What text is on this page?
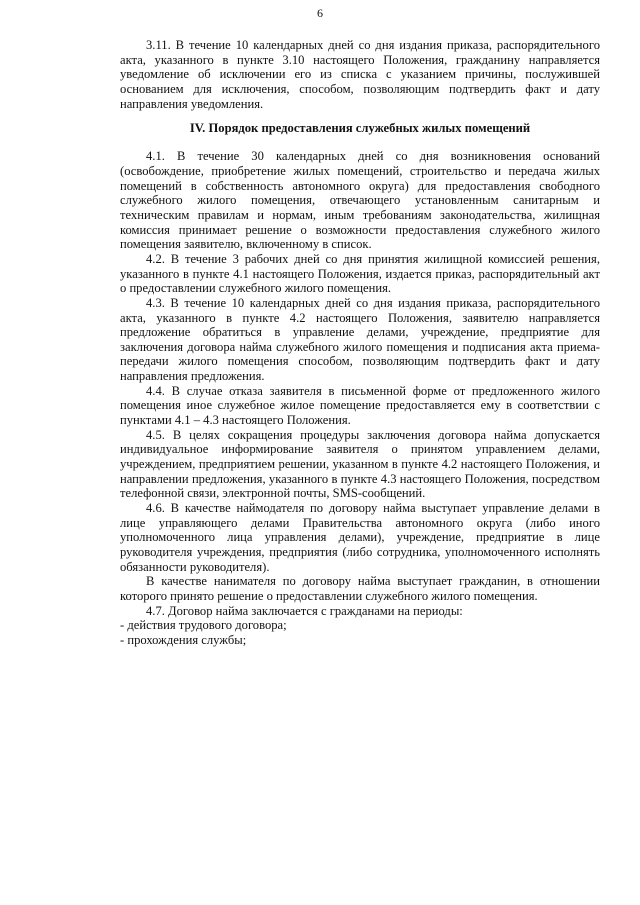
6

3.11. В течение 10 календарных дней со дня издания приказа, распорядительного акта, указанного в пункте 3.10 настоящего Положения, гражданину направляется уведомление об исключении его из списка с указанием причины, послужившей основанием для исключения, способом, позволяющим подтвердить факт и дату направления уведомления.

IV. Порядок предоставления служебных жилых помещений

4.1. В течение 30 календарных дней со дня возникновения оснований (освобождение, приобретение жилых помещений, строительство и передача жилых помещений в собственность автономного округа) для предоставления свободного служебного жилого помещения, отвечающего установленным санитарным и техническим правилам и нормам, иным требованиям законодательства, жилищная комиссия принимает решение о возможности предоставления служебного жилого помещения заявителю, включенному в список.

4.2. В течение 3 рабочих дней со дня принятия жилищной комиссией решения, указанного в пункте 4.1 настоящего Положения, издается приказ, распорядительный акт о предоставлении служебного жилого помещения.

4.3. В течение 10 календарных дней со дня издания приказа, распорядительного акта, указанного в пункте 4.2 настоящего Положения, заявителю направляется предложение обратиться в управление делами, учреждение, предприятие для заключения договора найма служебного жилого помещения и подписания акта приема-передачи жилого помещения способом, позволяющим подтвердить факт и дату направления предложения.

4.4. В случае отказа заявителя в письменной форме от предложенного жилого помещения иное служебное жилое помещение предоставляется ему в соответствии с пунктами 4.1 – 4.3 настоящего Положения.

4.5. В целях сокращения процедуры заключения договора найма допускается индивидуальное информирование заявителя о принятом управлением делами, учреждением, предприятием решении, указанном в пункте 4.2 настоящего Положения, и направлении предложения, указанного в пункте 4.3 настоящего Положения, посредством телефонной связи, электронной почты, SMS-сообщений.

4.6. В качестве наймодателя по договору найма выступает управление делами в лице управляющего делами Правительства автономного округа (либо иного уполномоченного лица управления делами), учреждение, предприятие в лице руководителя учреждения, предприятия (либо сотрудника, уполномоченного исполнять обязанности руководителя).

В качестве нанимателя по договору найма выступает гражданин, в отношении которого принято решение о предоставлении служебного жилого помещения.

4.7. Договор найма заключается с гражданами на периоды:

- действия трудового договора;

- прохождения службы;
